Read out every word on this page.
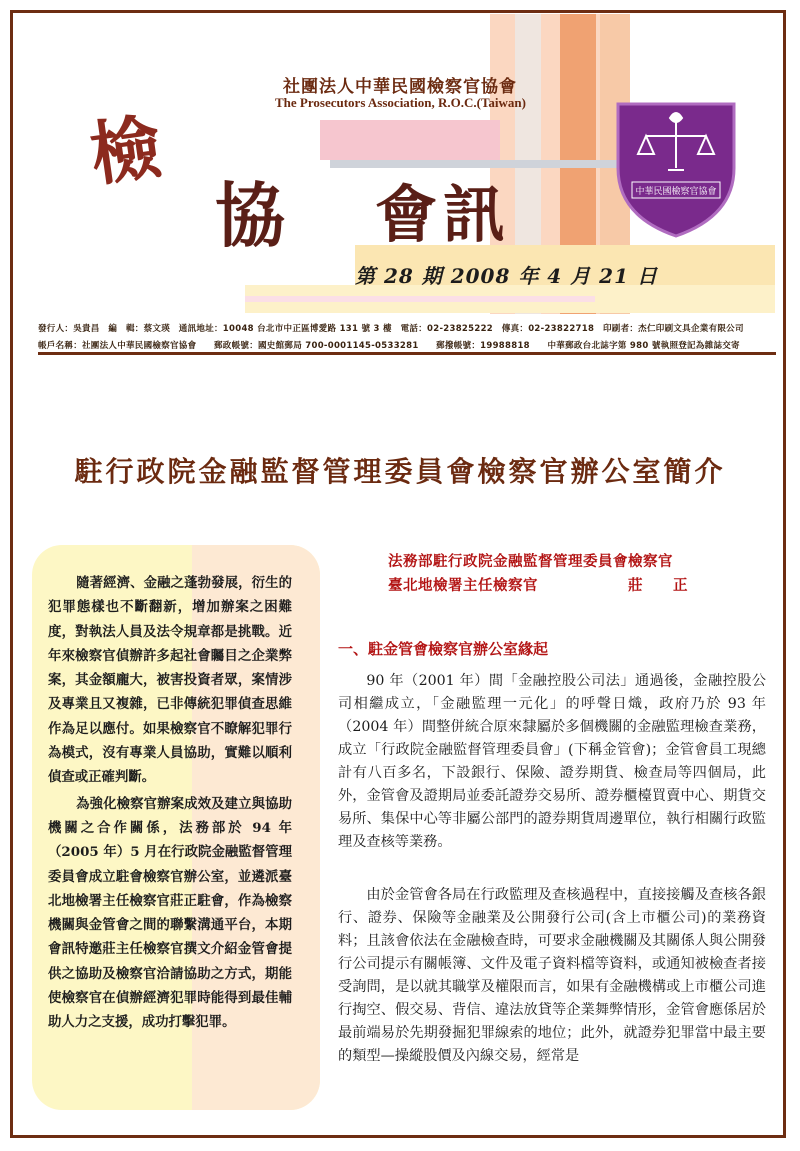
社團法人中華民國檢察官協會
The Prosecutors Association, R.O.C.(Taiwan)
檢
協 會訊
第 28 期 2008 年 4 月 21 日
中華民國檢察官協會
發行人：吳貴昌　編　輯：蔡文瑛　通訊地址：10048 台北市中正區博愛路 131 號 3 樓　電話：02-23825222　傳真：02-23822718　印刷者：杰仁印刷文具企業有限公司
帳戶名稱：社團法人中華民國檢察官協會　　郵政帳號：國史館郵局 700-0001145-0533281　　郵撥帳號：19988818　　中華郵政台北誌字第 980 號執照登記為雜誌交寄
駐行政院金融監督管理委員會檢察官辦公室簡介

隨著經濟、金融之蓬勃發展，衍生的犯罪態樣也不斷翻新，增加辦案之困難度，對執法人員及法令規章都是挑戰。近年來檢察官偵辦許多起社會矚目之企業弊案，其金額龐大，被害投資者眾，案情涉及專業且又複雜，已非傳統犯罪偵查思維作為足以應付。如果檢察官不瞭解犯罪行為模式，沒有專業人員協助，實難以順利偵查或正確判斷。

為強化檢察官辦案成效及建立與協助機關之合作關係，法務部於 94 年（2005 年）5 月在行政院金融監督管理委員會成立駐會檢察官辦公室，並遴派臺北地檢署主任檢察官莊正駐會，作為檢察機關與金管會之間的聯繫溝通平台，本期會訊特邀莊主任檢察官撰文介紹金管會提供之協助及檢察官洽請協助之方式，期能使檢察官在偵辦經濟犯罪時能得到最佳輔助人力之支援，成功打擊犯罪。

法務部駐行政院金融監督管理委員會檢察官
臺北地檢署主任檢察官　　　　　　莊　　正
一、駐金管會檢察官辦公室緣起

90 年（2001 年）間「金融控股公司法」通過後，金融控股公司相繼成立，「金融監理一元化」的呼聲日熾，政府乃於 93 年（2004 年）間整併統合原來隸屬於多個機關的金融監理檢查業務，成立「行政院金融監督管理委員會」(下稱金管會)；金管會員工現總計有八百多名，下設銀行、保險、證券期貨、檢查局等四個局，此外，金管會及證期局並委託證券交易所、證券櫃檯買賣中心、期貨交易所、集保中心等非屬公部門的證券期貨周邊單位，執行相關行政監理及查核等業務。

由於金管會各局在行政監理及查核過程中，直接接觸及查核各銀行、證券、保險等金融業及公開發行公司(含上市櫃公司)的業務資料；且該會依法在金融檢查時，可要求金融機關及其關係人與公開發行公司提示有關帳簿、文件及電子資料檔等資料，或通知被檢查者接受詢問，是以就其職掌及權限而言，如果有金融機構或上市櫃公司進行掏空、假交易、背信、違法放貸等企業舞弊情形，金管會應係居於最前端易於先期發掘犯罪線索的地位；此外，就證券犯罪當中最主要的類型—操縱股價及內線交易，經常是
